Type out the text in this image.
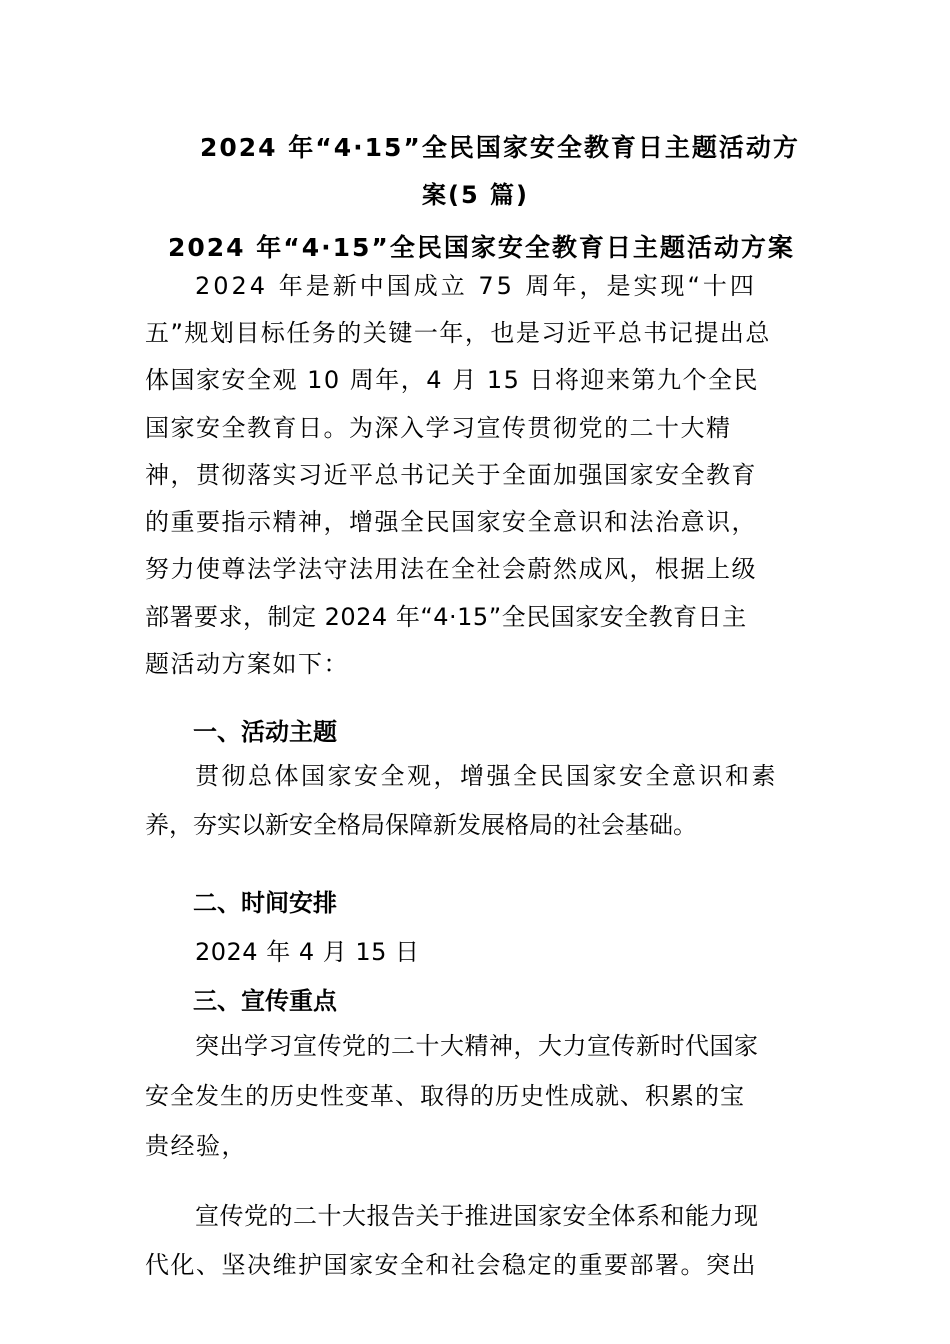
2024 年“4·15”全民国家安全教育日主题活动方
案(5 篇)
2024 年“4·15”全民国家安全教育日主题活动方案
2024 年是新中国成立 75 周年，是实现“十四
五”规划目标任务的关键一年，也是习近平总书记提出总
体国家安全观 10 周年，4 月 15 日将迎来第九个全民
国家安全教育日。为深入学习宣传贯彻党的二十大精
神，贯彻落实习近平总书记关于全面加强国家安全教育
的重要指示精神，增强全民国家安全意识和法治意识，
努力使尊法学法守法用法在全社会蔚然成风，根据上级
部署要求，制定 2024 年“4·15”全民国家安全教育日主
题活动方案如下：
一、活动主题
贯彻总体国家安全观，增强全民国家安全意识和素
养，夯实以新安全格局保障新发展格局的社会基础。
二、时间安排
2024 年 4 月 15 日
三、宣传重点
突出学习宣传党的二十大精神，大力宣传新时代国家
安全发生的历史性变革、取得的历史性成就、积累的宝
贵经验，
宣传党的二十大报告关于推进国家安全体系和能力现
代化、坚决维护国家安全和社会稳定的重要部署。突出
